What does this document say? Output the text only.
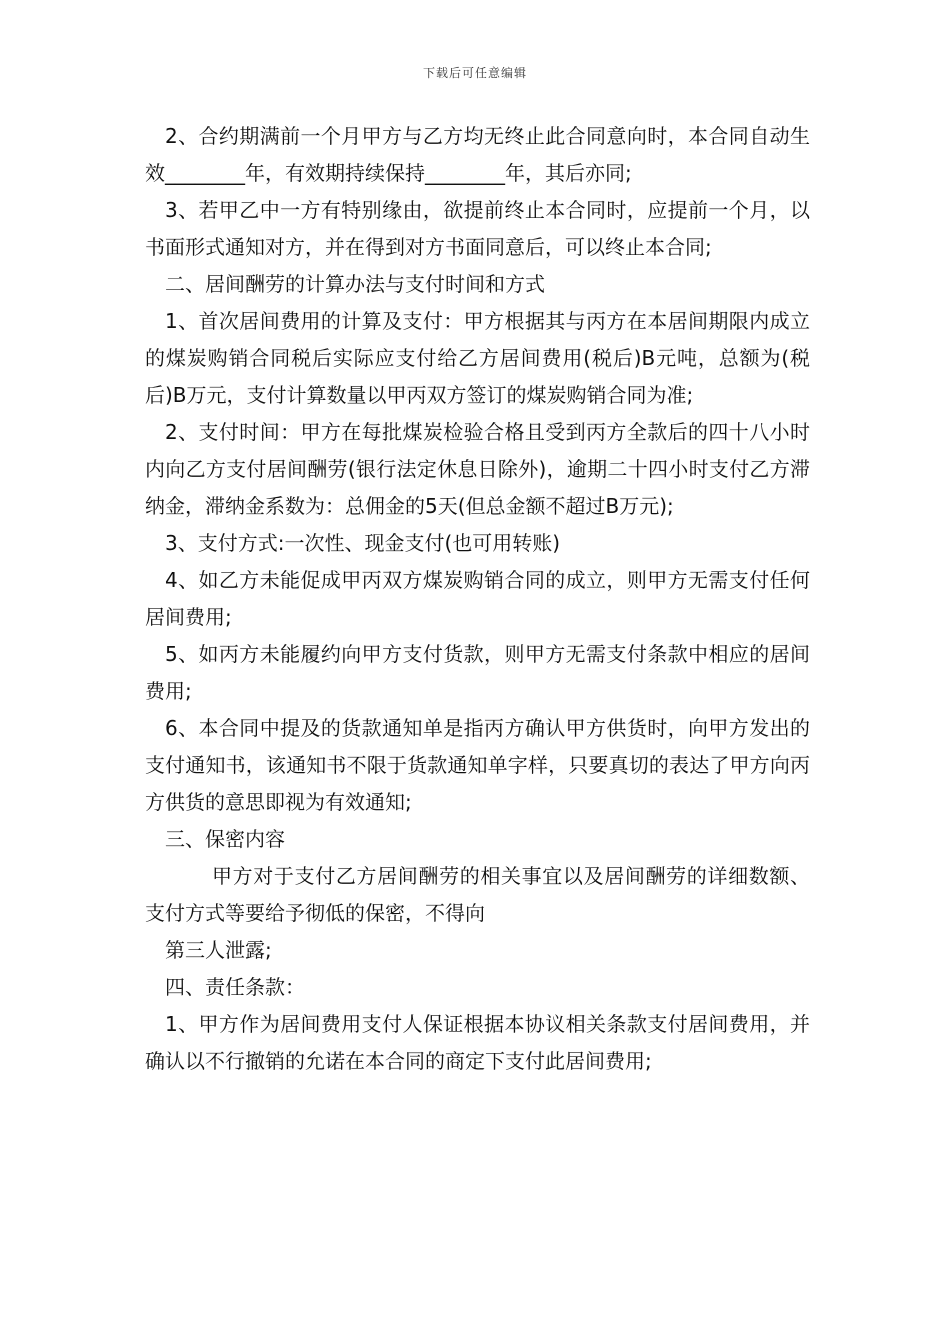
下载后可任意编辑

2、合约期满前一个月甲方与乙方均无终止此合同意向时，本合同自动生效________年，有效期持续保持________年，其后亦同;

3、若甲乙中一方有特别缘由，欲提前终止本合同时，应提前一个月，以书面形式通知对方，并在得到对方书面同意后，可以终止本合同;

二、居间酬劳的计算办法与支付时间和方式

1、首次居间费用的计算及支付：甲方根据其与丙方在本居间期限内成立的煤炭购销合同税后实际应支付给乙方居间费用(税后)B元吨，总额为(税后)B万元，支付计算数量以甲丙双方签订的煤炭购销合同为准;

2、支付时间：甲方在每批煤炭检验合格且受到丙方全款后的四十八小时内向乙方支付居间酬劳(银行法定休息日除外)，逾期二十四小时支付乙方滞纳金，滞纳金系数为：总佣金的5天(但总金额不超过B万元);

3、支付方式:一次性、现金支付(也可用转账)

4、如乙方未能促成甲丙双方煤炭购销合同的成立，则甲方无需支付任何居间费用;

5、如丙方未能履约向甲方支付货款，则甲方无需支付条款中相应的居间费用;

6、本合同中提及的货款通知单是指丙方确认甲方供货时，向甲方发出的支付通知书，该通知书不限于货款通知单字样，只要真切的表达了甲方向丙方供货的意思即视为有效通知;

三、保密内容

甲方对于支付乙方居间酬劳的相关事宜以及居间酬劳的详细数额、支付方式等要给予彻低的保密，不得向

第三人泄露;

四、责任条款：

1、甲方作为居间费用支付人保证根据本协议相关条款支付居间费用，并确认以不行撤销的允诺在本合同的商定下支付此居间费用;
